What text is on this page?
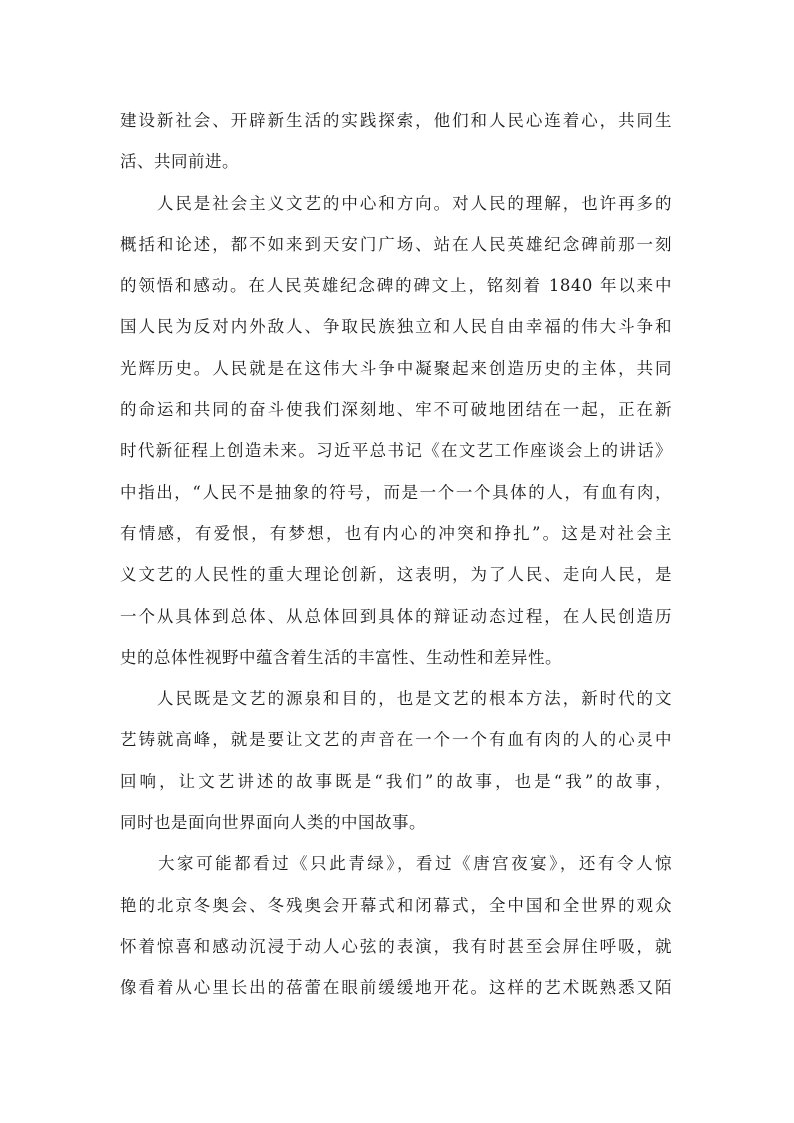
建设新社会、开辟新生活的实践探索，他们和人民心连着心，共同生
活、共同前进。
　　人民是社会主义文艺的中心和方向。对人民的理解，也许再多的
概括和论述，都不如来到天安门广场、站在人民英雄纪念碑前那一刻
的领悟和感动。在人民英雄纪念碑的碑文上，铭刻着 1840 年以来中
国人民为反对内外敌人、争取民族独立和人民自由幸福的伟大斗争和
光辉历史。人民就是在这伟大斗争中凝聚起来创造历史的主体，共同
的命运和共同的奋斗使我们深刻地、牢不可破地团结在一起，正在新
时代新征程上创造未来。习近平总书记《在文艺工作座谈会上的讲话》
中指出，“人民不是抽象的符号，而是一个一个具体的人，有血有肉，
有情感，有爱恨，有梦想，也有内心的冲突和挣扎”。这是对社会主
义文艺的人民性的重大理论创新，这表明，为了人民、走向人民，是
一个从具体到总体、从总体回到具体的辩证动态过程，在人民创造历
史的总体性视野中蕴含着生活的丰富性、生动性和差异性。
　　人民既是文艺的源泉和目的，也是文艺的根本方法，新时代的文
艺铸就高峰，就是要让文艺的声音在一个一个有血有肉的人的心灵中
回响，让文艺讲述的故事既是“我们”的故事，也是“我”的故事，
同时也是面向世界面向人类的中国故事。
　　大家可能都看过《只此青绿》，看过《唐宫夜宴》，还有令人惊
艳的北京冬奥会、冬残奥会开幕式和闭幕式，全中国和全世界的观众
怀着惊喜和感动沉浸于动人心弦的表演，我有时甚至会屏住呼吸，就
像看着从心里长出的蓓蕾在眼前缓缓地开花。这样的艺术既熟悉又陌
